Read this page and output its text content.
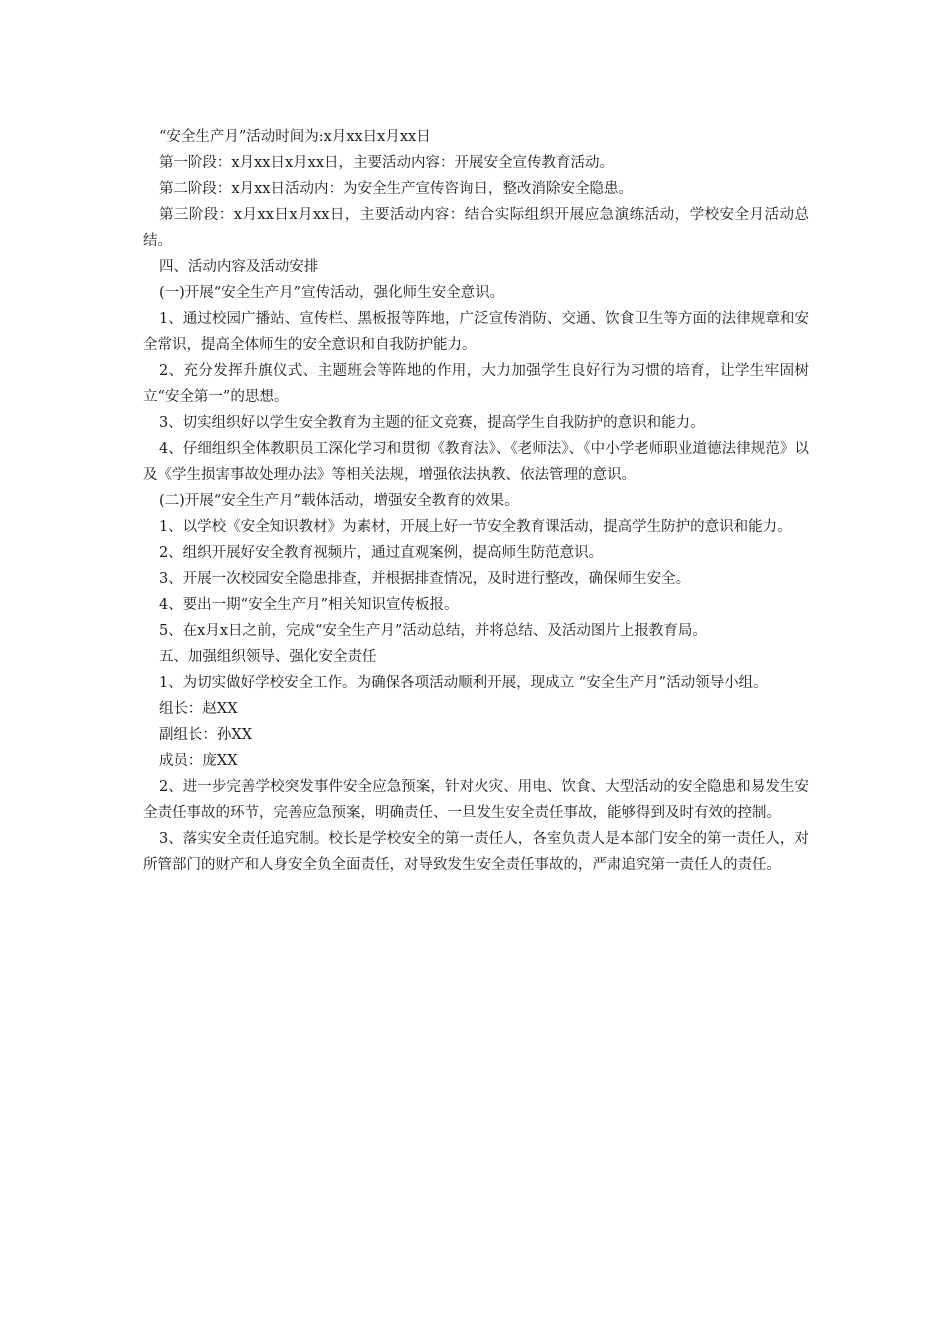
“安全生产月”活动时间为:x月xx日x月xx日

第一阶段：x月xx日x月xx日，主要活动内容：开展安全宣传教育活动。

第二阶段：x月xx日活动内：为安全生产宣传咨询日，整改消除安全隐患。

第三阶段：x月xx日x月xx日，主要活动内容：结合实际组织开展应急演练活动，学校安全月活动总结。

四、活动内容及活动安排

(一)开展“安全生产月”宣传活动，强化师生安全意识。

1、通过校园广播站、宣传栏、黑板报等阵地，广泛宣传消防、交通、饮食卫生等方面的法律规章和安全常识，提高全体师生的安全意识和自我防护能力。

2、充分发挥升旗仪式、主题班会等阵地的作用，大力加强学生良好行为习惯的培育，让学生牢固树立“安全第一”的思想。

3、切实组织好以学生安全教育为主题的征文竞赛，提高学生自我防护的意识和能力。

4、仔细组织全体教职员工深化学习和贯彻《教育法》、《老师法》、《中小学老师职业道德法律规范》以及《学生损害事故处理办法》等相关法规，增强依法执教、依法管理的意识。

(二)开展“安全生产月”载体活动，增强安全教育的效果。

1、以学校《安全知识教材》为素材，开展上好一节安全教育课活动，提高学生防护的意识和能力。

2、组织开展好安全教育视频片，通过直观案例，提高师生防范意识。

3、开展一次校园安全隐患排查，并根据排查情况，及时进行整改，确保师生安全。

4、要出一期“安全生产月”相关知识宣传板报。

5、在x月x日之前，完成“安全生产月”活动总结，并将总结、及活动图片上报教育局。

五、加强组织领导、强化安全责任

1、为切实做好学校安全工作。为确保各项活动顺利开展，现成立 “安全生产月”活动领导小组。

组长：赵XX

副组长：孙XX

成员：庞XX

2、进一步完善学校突发事件安全应急预案，针对火灾、用电、饮食、大型活动的安全隐患和易发生安全责任事故的环节，完善应急预案，明确责任、一旦发生安全责任事故，能够得到及时有效的控制。

3、落实安全责任追究制。校长是学校安全的第一责任人，各室负责人是本部门安全的第一责任人，对所管部门的财产和人身安全负全面责任，对导致发生安全责任事故的，严肃追究第一责任人的责任。
